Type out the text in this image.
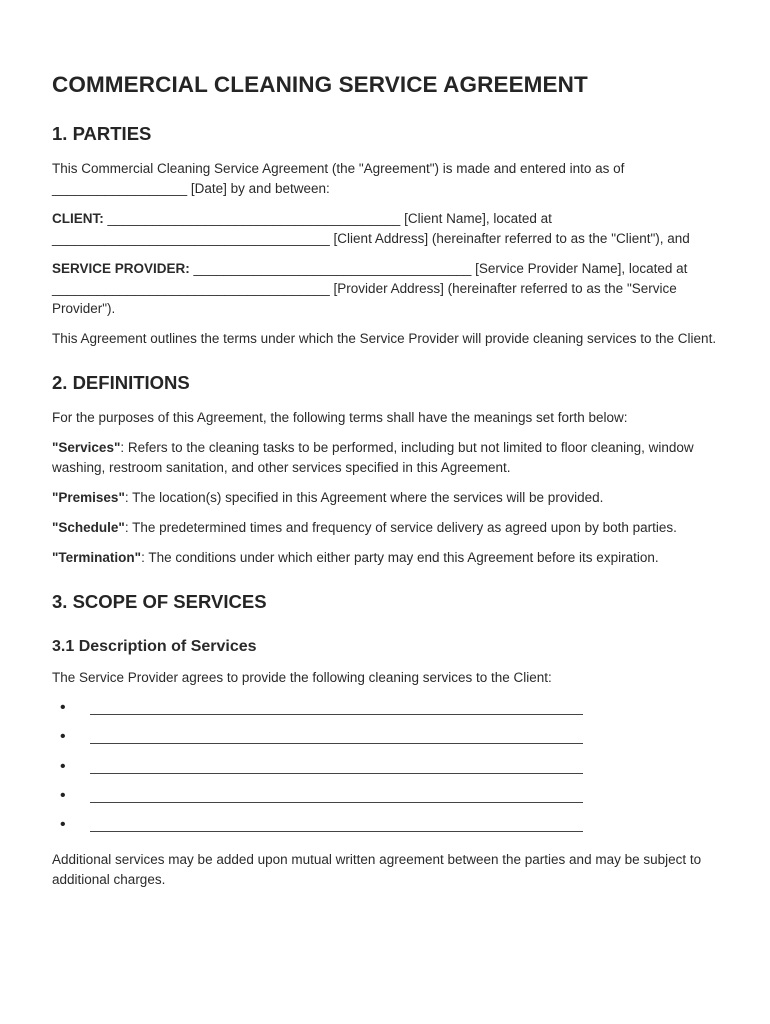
COMMERCIAL CLEANING SERVICE AGREEMENT
1. PARTIES

This Commercial Cleaning Service Agreement (the "Agreement") is made and entered into as of __________________ [Date] by and between:

CLIENT: _______________________________________ [Client Name], located at _____________________________________ [Client Address] (hereinafter referred to as the "Client"), and

SERVICE PROVIDER: _____________________________________ [Service Provider Name], located at _____________________________________ [Provider Address] (hereinafter referred to as the "Service Provider").

This Agreement outlines the terms under which the Service Provider will provide cleaning services to the Client.

2. DEFINITIONS

For the purposes of this Agreement, the following terms shall have the meanings set forth below:

"Services": Refers to the cleaning tasks to be performed, including but not limited to floor cleaning, window washing, restroom sanitation, and other services specified in this Agreement.

"Premises": The location(s) specified in this Agreement where the services will be provided.

"Schedule": The predetermined times and frequency of service delivery as agreed upon by both parties.

"Termination": The conditions under which either party may end this Agreement before its expiration.

3. SCOPE OF SERVICES
3.1 Description of Services

The Service Provider agrees to provide the following cleaning services to the Client:

•
•
•
•
•

Additional services may be added upon mutual written agreement between the parties and may be subject to additional charges.
